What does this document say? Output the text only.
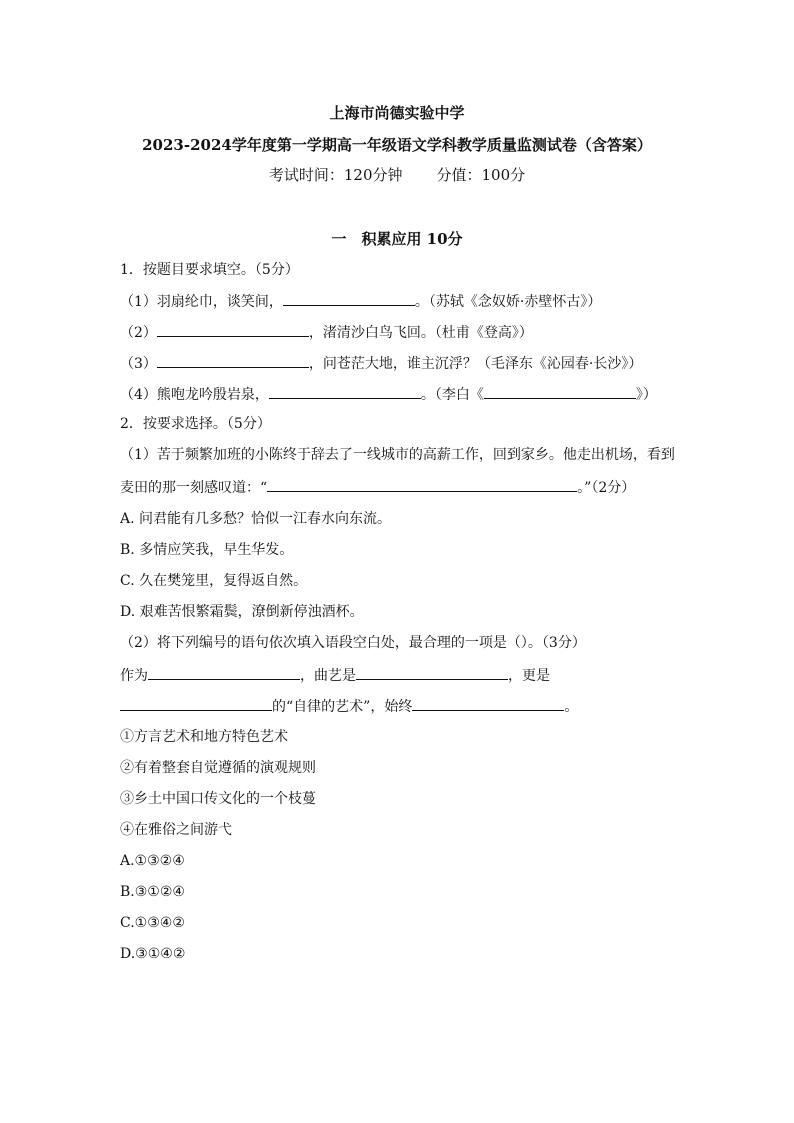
上海市尚德实验中学
2023-2024学年度第一学期高一年级语文学科教学质量监测试卷（含答案）
考试时间：120分钟 分值：100分
一　积累应用 10分
1．按题目要求填空。（5分）
（1）羽扇纶巾，谈笑间，	。（苏轼《念奴娇·赤壁怀古》）
（2）	，渚清沙白鸟飞回。（杜甫《登高》）
（3）	，问苍茫大地，谁主沉浮？（毛泽东《沁园春·长沙》）
（4）熊咆龙吟殷岩泉，	。（李白《	》）
2．按要求选择。（5分）
（1）苦于频繁加班的小陈终于辞去了一线城市的高薪工作，回到家乡。他走出机场，看到
麦田的那一刻感叹道：“	。”（2分）
A. 问君能有几多愁？恰似一江春水向东流。
B. 多情应笑我，早生华发。
C. 久在樊笼里，复得返自然。
D. 艰难苦恨繁霜鬓，潦倒新停浊酒杯。
（2）将下列编号的语句依次填入语段空白处，最合理的一项是（）。（3分）
作为	，曲艺是	，更是
的“自律的艺术”，始终	。
①方言艺术和地方特色艺术
②有着整套自觉遵循的演观规则
③乡土中国口传文化的一个枝蔓
④在雅俗之间游弋
A.①③②④
B.③①②④
C.①③④②
D.③①④②
